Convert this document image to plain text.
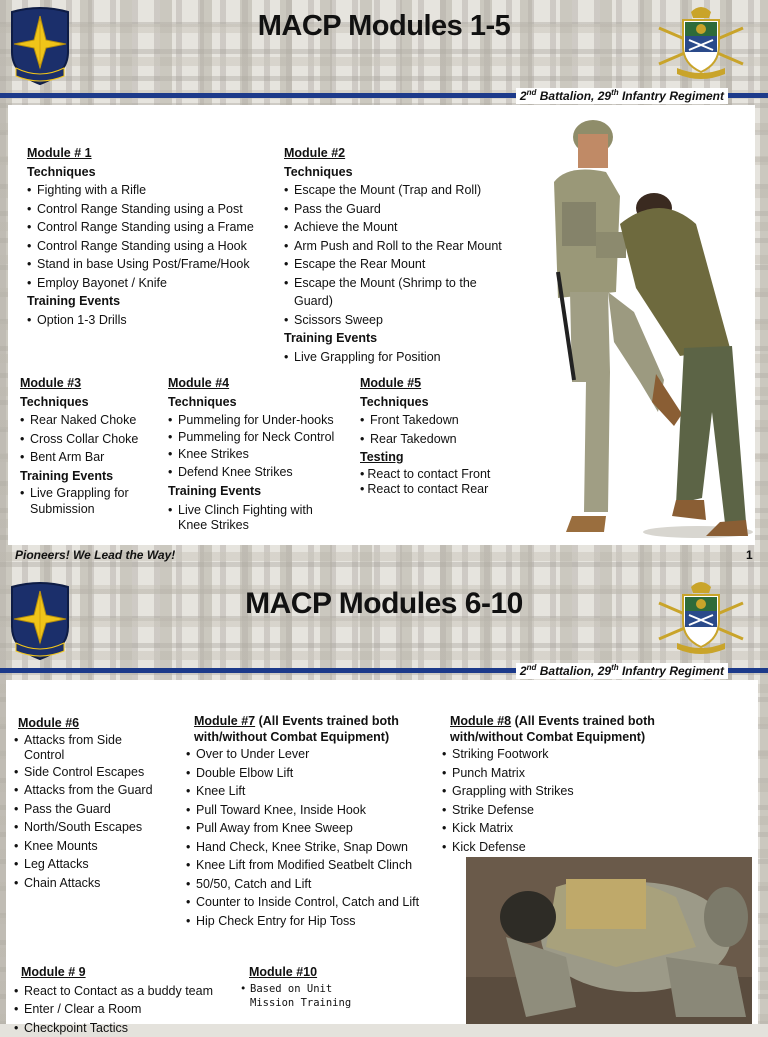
MACP Modules 1-5
2nd Battalion, 29th Infantry Regiment
Module # 1
Techniques
• Fighting with a Rifle
• Control Range Standing using a Post
• Control Range Standing using a Frame
• Control Range Standing using a Hook
• Stand in base Using Post/Frame/Hook
• Employ Bayonet / Knife
Training Events
• Option 1-3 Drills
Module #2
Techniques
• Escape the Mount (Trap and Roll)
• Pass the Guard
• Achieve the Mount
• Arm Push and Roll to the Rear Mount
• Escape the Rear Mount
• Escape the Mount (Shrimp to the Guard)
• Scissors Sweep
Training Events
• Live Grappling for Position
Module #3
Techniques
• Rear Naked Choke
• Cross Collar Choke
• Bent Arm Bar
Training Events
• Live Grappling for Submission
Module #4
Techniques
• Pummeling for Under-hooks
• Pummeling for Neck Control
• Knee Strikes
• Defend Knee Strikes
Training Events
• Live Clinch Fighting with Knee Strikes
Module #5
Techniques
• Front Takedown
• Rear Takedown
Testing
• React to contact Front
• React to contact Rear
Pioneers! We Lead the Way!	1
MACP Modules 6-10
2nd Battalion, 29th Infantry Regiment
Module #6
• Attacks from Side Control
• Side Control Escapes
• Attacks from the Guard
• Pass the Guard
• North/South Escapes
• Knee Mounts
• Leg Attacks
• Chain Attacks
Module #7 (All Events trained both with/without Combat Equipment)
• Over to Under Lever
• Double Elbow Lift
• Knee Lift
• Pull Toward Knee, Inside Hook
• Pull Away from Knee Sweep
• Hand Check, Knee Strike, Snap Down
• Knee Lift from Modified Seatbelt Clinch
• 50/50, Catch and Lift
• Counter to Inside Control, Catch and Lift
• Hip Check Entry for Hip Toss
Module #8 (All Events trained both with/without Combat Equipment)
• Striking Footwork
• Punch Matrix
• Grappling with Strikes
• Strike Defense
• Kick Matrix
• Kick Defense
Module # 9
• React to Contact as a buddy team
• Enter / Clear a Room
• Checkpoint Tactics
Module #10
• Based on Unit Mission Training
